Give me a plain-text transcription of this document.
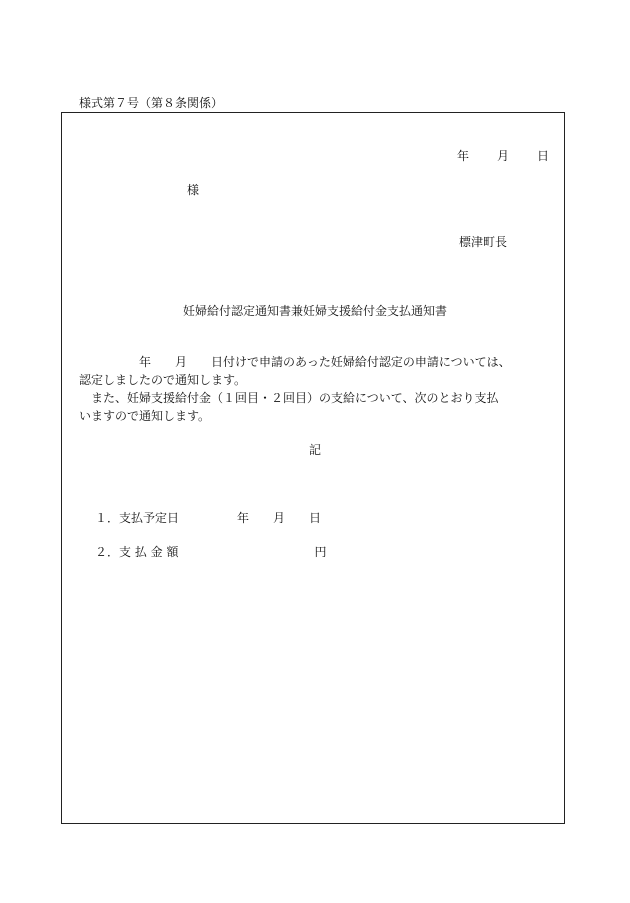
様式第７号（第８条関係）
年 月 日
様
標津町長
妊婦給付認定通知書兼妊婦支援給付金支払通知書
　　　　　年　　月　　日付けで申請のあった妊婦給付認定の申請については、
認定しましたので通知します。
　また、妊婦支援給付金（１回目・２回目）の支給について、次のとおり支払
いますので通知します。
記
１．支払予定日	年　　月　　日
２．支 払 金 額	円
